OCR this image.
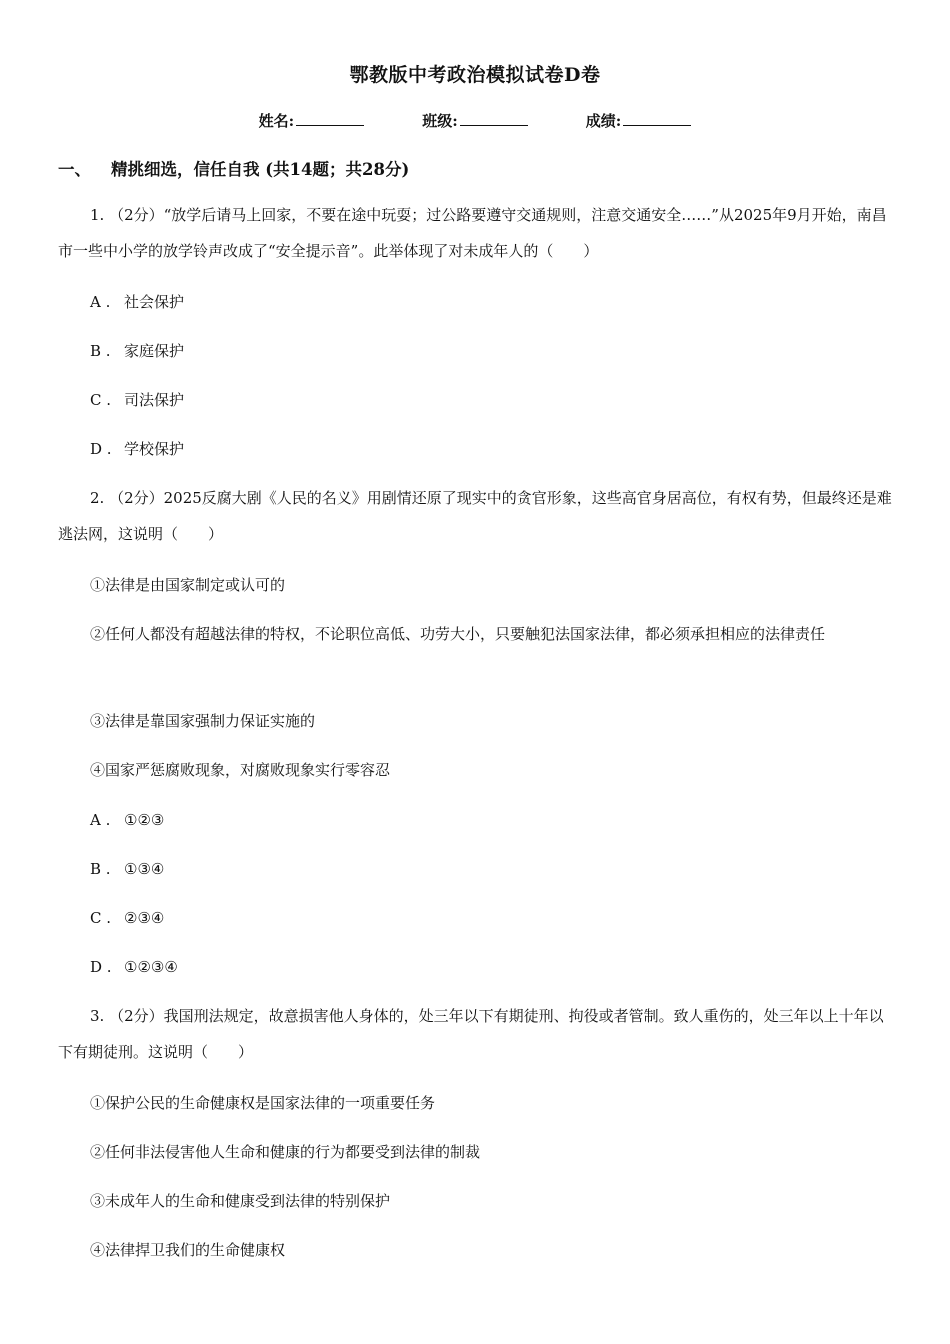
鄂教版中考政治模拟试卷D卷
姓名:	班级:	成绩:
一、 精挑细选，信任自我 (共14题；共28分)
1. （2分）“放学后请马上回家，不要在途中玩耍；过公路要遵守交通规则，注意交通安全……”从2025年9月开始，南昌市一些中小学的放学铃声改成了“安全提示音”。此举体现了对未成年人的（　　）
A . 社会保护
B . 家庭保护
C . 司法保护
D . 学校保护
2. （2分）2025反腐大剧《人民的名义》用剧情还原了现实中的贪官形象，这些高官身居高位，有权有势，但最终还是难逃法网，这说明（　　）
①法律是由国家制定或认可的
②任何人都没有超越法律的特权，不论职位高低、功劳大小，只要触犯法国家法律，都必须承担相应的法律责任
③法律是靠国家强制力保证实施的
④国家严惩腐败现象，对腐败现象实行零容忍
A . ①②③
B . ①③④
C . ②③④
D . ①②③④
3. （2分）我国刑法规定，故意损害他人身体的，处三年以下有期徒刑、拘役或者管制。致人重伤的，处三年以上十年以下有期徒刑。这说明（　　）
①保护公民的生命健康权是国家法律的一项重要任务
②任何非法侵害他人生命和健康的行为都要受到法律的制裁
③未成年人的生命和健康受到法律的特别保护
④法律捍卫我们的生命健康权
